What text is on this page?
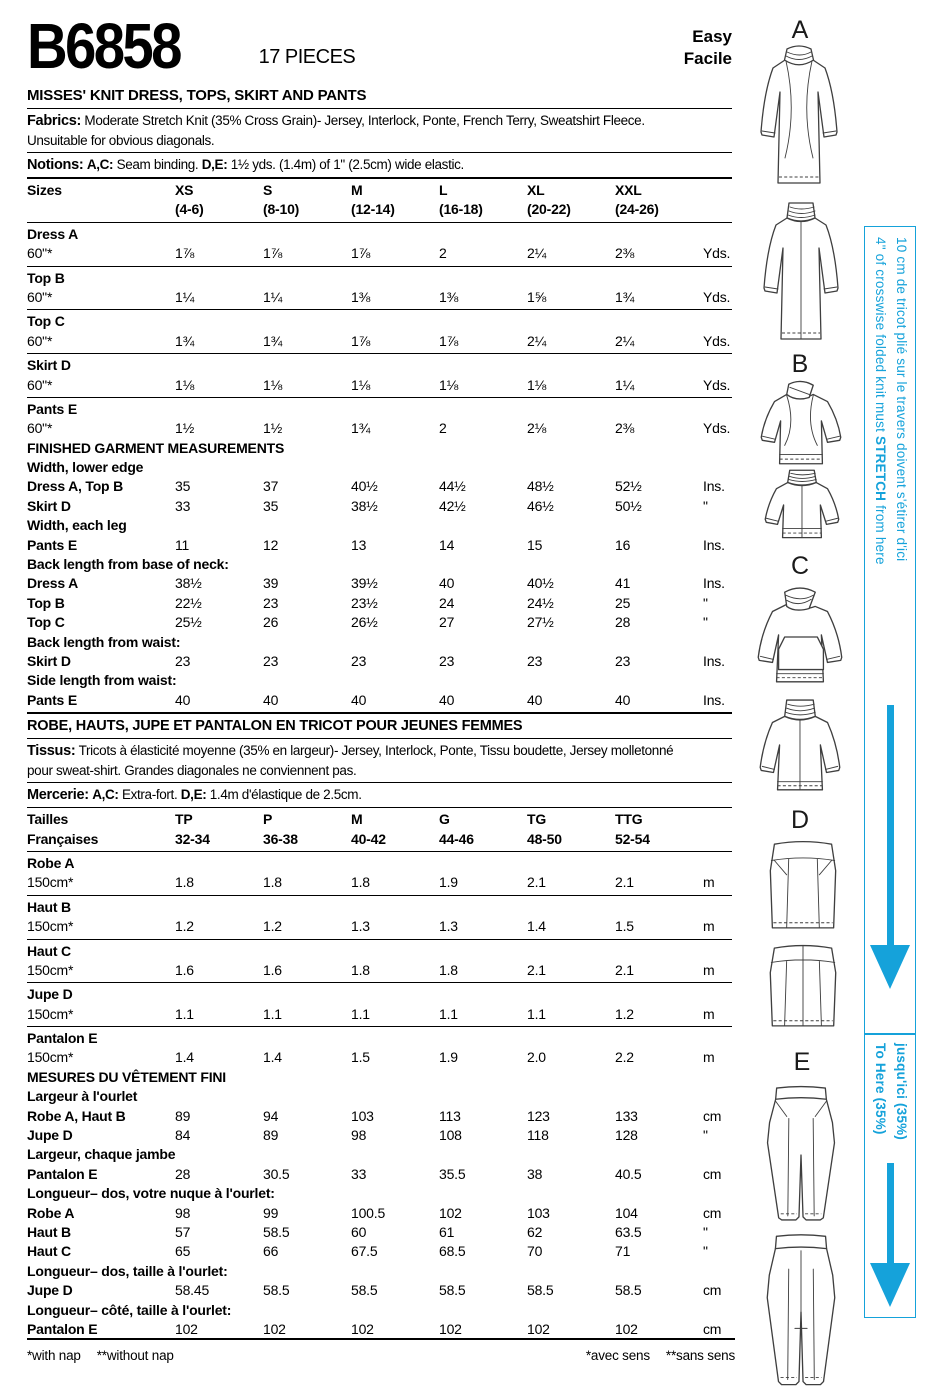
B6858	17 PIECES
Easy
Facile
MISSES' KNIT DRESS, TOPS, SKIRT AND PANTS
Fabrics: Moderate Stretch Knit (35% Cross Grain)- Jersey, Interlock, Ponte, French Terry, Sweatshirt Fleece.
Unsuitable for obvious diagonals.
Notions: A,C: Seam binding. D,E: 1½ yds. (1.4m) of 1" (2.5cm) wide elastic.
Sizes	XS	S	M	L	XL	XXL
(4-6)	(8-10)	(12-14)	(16-18)	(20-22)	(24-26)
Dress A
60"*	1⅞	1⅞	1⅞	2	2¼	2⅜	Yds.
Top B
60"*	1¼	1¼	1⅜	1⅜	1⅝	1¾	Yds.
Top C
60"*	1¾	1¾	1⅞	1⅞	2¼	2¼	Yds.
Skirt D
60"*	1⅛	1⅛	1⅛	1⅛	1⅛	1¼	Yds.
Pants E
60"*	1½	1½	1¾	2	2⅛	2⅜	Yds.
FINISHED GARMENT MEASUREMENTS
Width, lower edge
Dress A, Top B	35	37	40½	44½	48½	52½	Ins.
Skirt D	33	35	38½	42½	46½	50½	"
Width, each leg
Pants E	11	12	13	14	15	16	Ins.
Back length from base of neck:
Dress A	38½	39	39½	40	40½	41	Ins.
Top B	22½	23	23½	24	24½	25	"
Top C	25½	26	26½	27	27½	28	"
Back length from waist:
Skirt D	23	23	23	23	23	23	Ins.
Side length from waist:
Pants E	40	40	40	40	40	40	Ins.
ROBE, HAUTS, JUPE ET PANTALON EN TRICOT POUR JEUNES FEMMES
Tissus: Tricots à élasticité moyenne (35% en largeur)- Jersey, Interlock, Ponte, Tissu boudette, Jersey molletonné
pour sweat-shirt. Grandes diagonales ne conviennent pas.
Mercerie: A,C: Extra-fort. D,E: 1.4m d'élastique de 2.5cm.
Tailles	TP	P	M	G	TG	TTG
Françaises	32-34	36-38	40-42	44-46	48-50	52-54
Robe A
150cm*	1.8	1.8	1.8	1.9	2.1	2.1	m
Haut B
150cm*	1.2	1.2	1.3	1.3	1.4	1.5	m
Haut C
150cm*	1.6	1.6	1.8	1.8	2.1	2.1	m
Jupe D
150cm*	1.1	1.1	1.1	1.1	1.1	1.2	m
Pantalon E
150cm*	1.4	1.4	1.5	1.9	2.0	2.2	m
MESURES DU VÊTEMENT FINI
Largeur à l'ourlet
Robe A, Haut B	89	94	103	113	123	133	cm
Jupe D	84	89	98	108	118	128	"
Largeur, chaque jambe
Pantalon E	28	30.5	33	35.5	38	40.5	cm
Longueur– dos, votre nuque à l'ourlet:
Robe A	98	99	100.5	102	103	104	cm
Haut B	57	58.5	60	61	62	63.5	"
Haut C	65	66	67.5	68.5	70	71	"
Longueur– dos, taille à l'ourlet:
Jupe D	58.45	58.5	58.5	58.5	58.5	58.5	cm
Longueur– côté, taille à l'ourlet:
Pantalon E	102	102	102	102	102	102	cm
*with nap **without nap	*avec sens **sans sens
A
B
C
D
E
4" of crosswise folded knit must STRETCH from here 10 cm de tricot plié sur le travers doivent s'étirer d'ici
To Here (35%) jusqu'ici (35%)
